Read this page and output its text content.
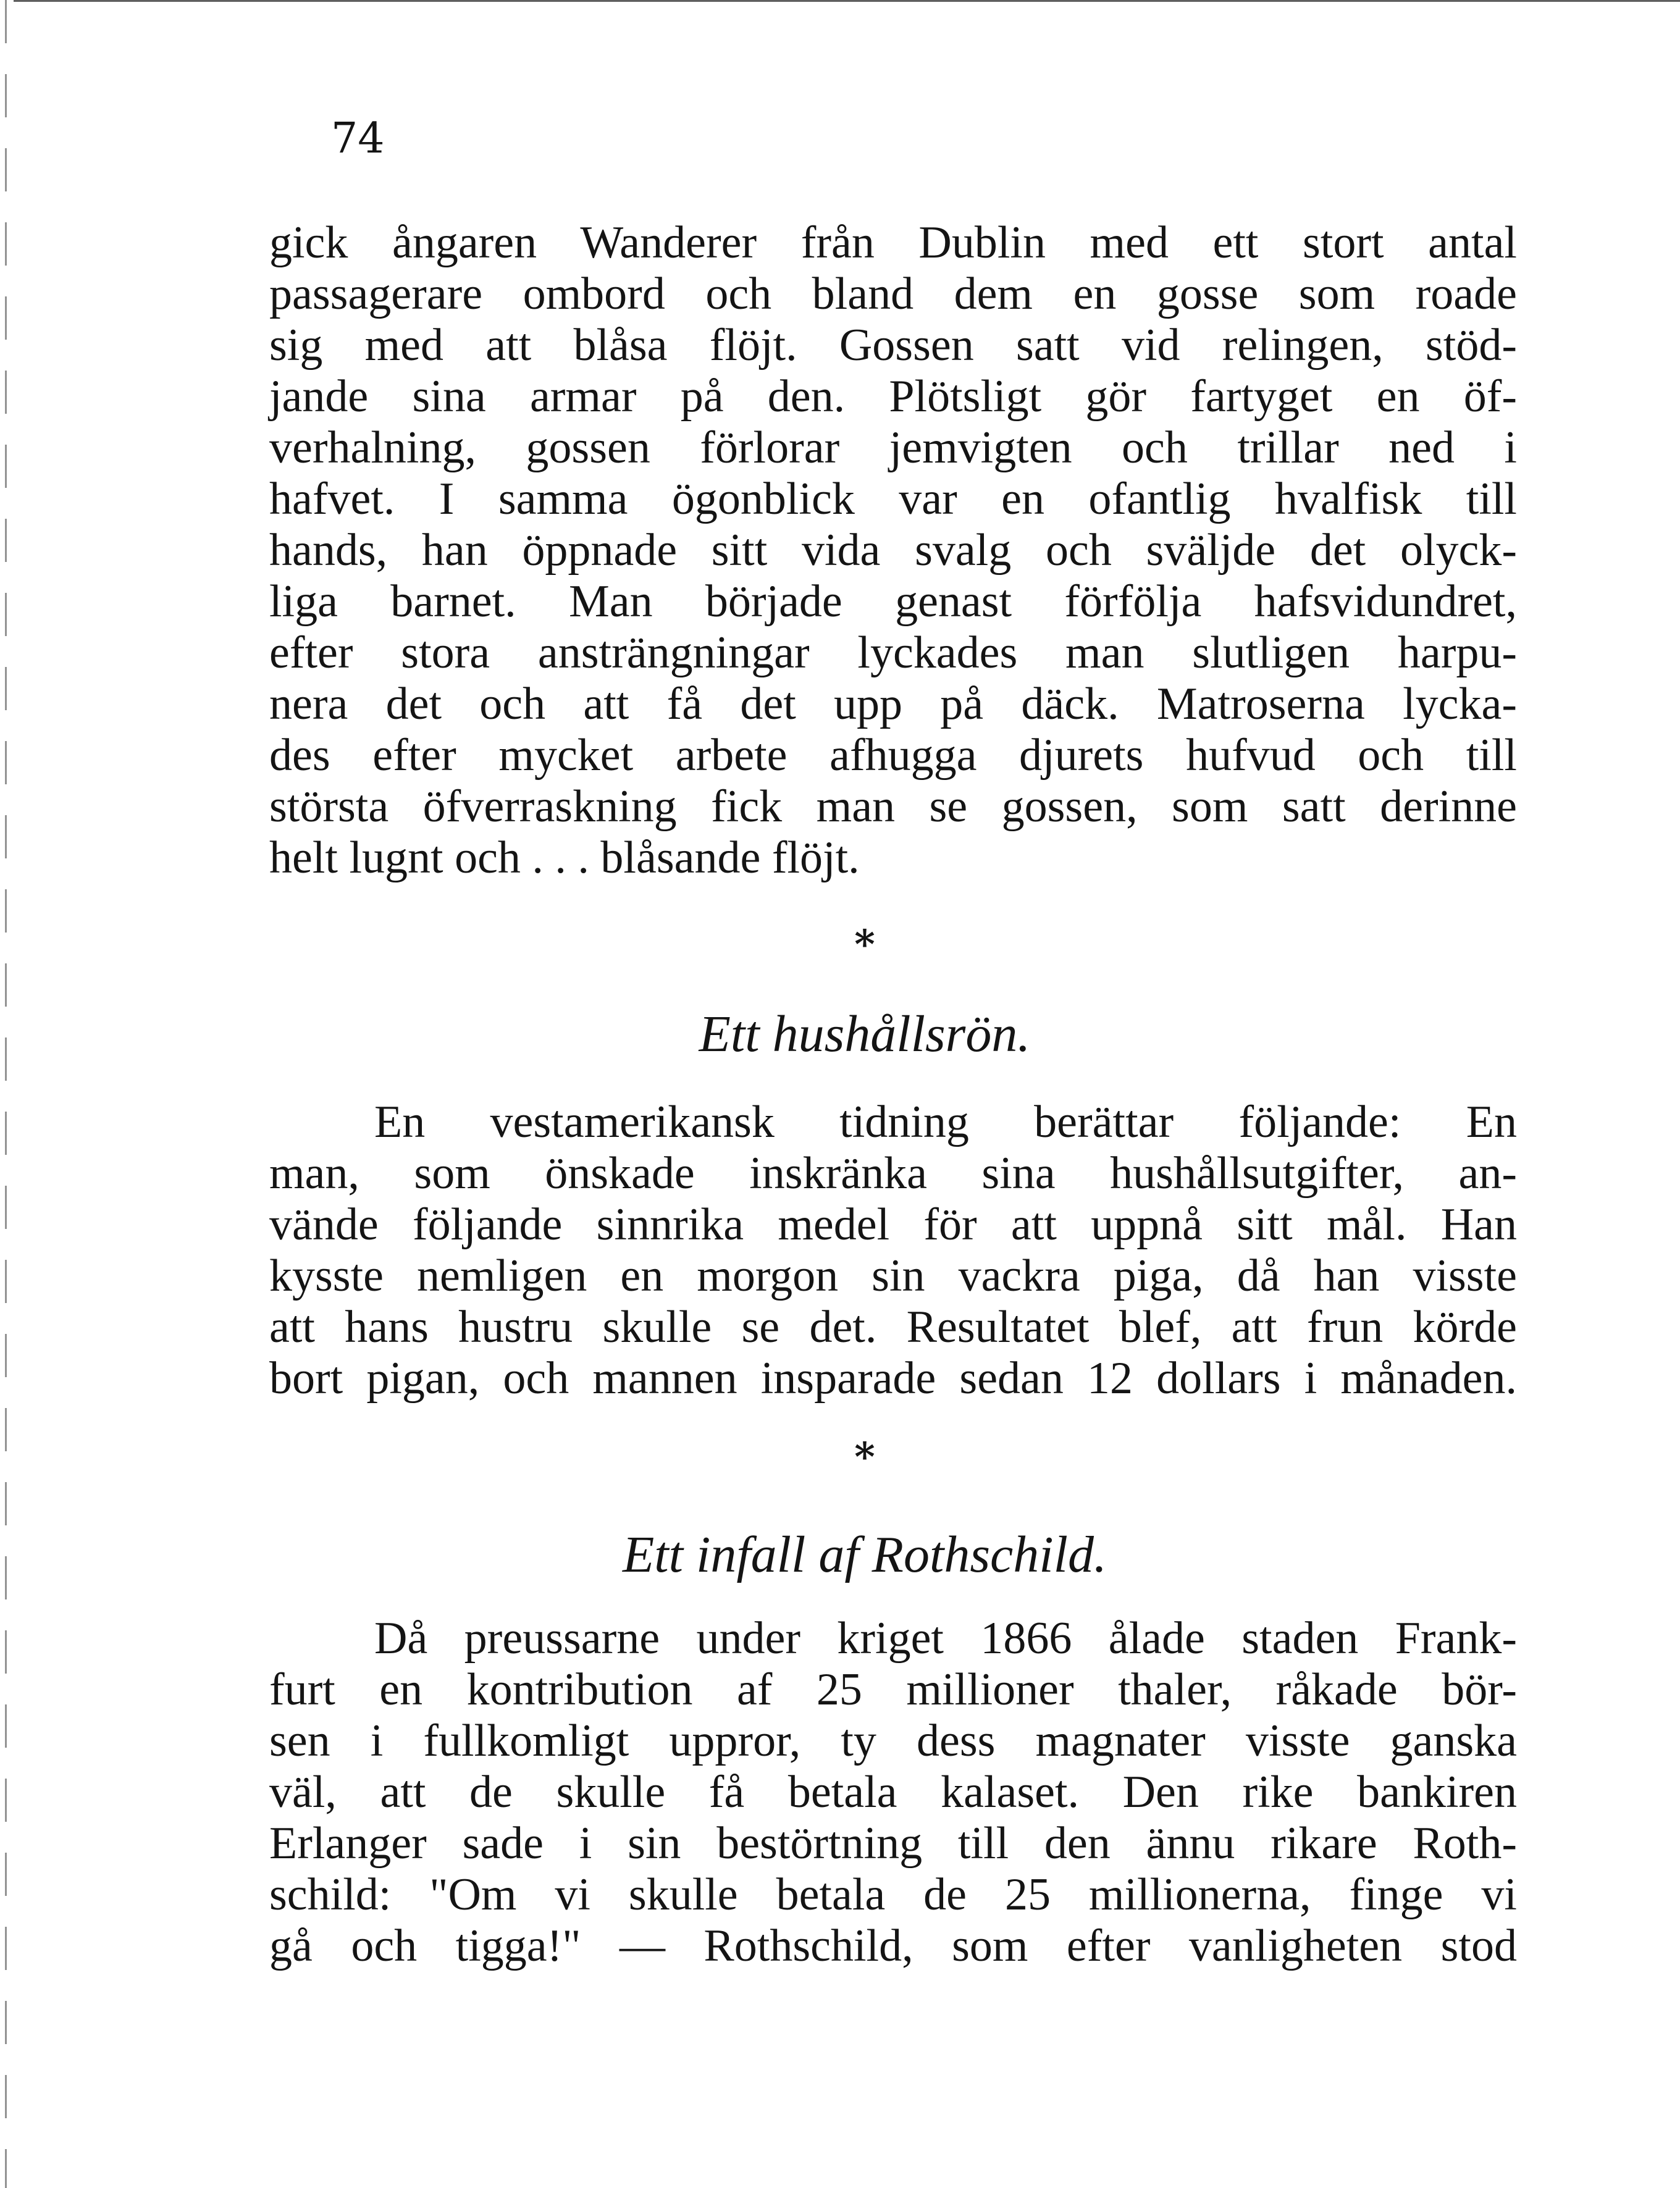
74
gick ångaren Wanderer från Dublin med ett stort antal
passagerare ombord och bland dem en gosse som roade
sig med att blåsa flöjt. Gossen satt vid relingen, stöd-
jande sina armar på den. Plötsligt gör fartyget en öf-
verhalning, gossen förlorar jemvigten och trillar ned i
hafvet. I samma ögonblick var en ofantlig hvalfisk till
hands, han öppnade sitt vida svalg och sväljde det olyck-
liga barnet. Man började genast förfölja hafsvidundret,
efter stora ansträngningar lyckades man slutligen harpu-
nera det och att få det upp på däck. Matroserna lycka-
des efter mycket arbete afhugga djurets hufvud och till
största öfverraskning fick man se gossen, som satt derinne
helt lugnt och . . . blåsande flöjt.
*
Ett hushållsrön.
En vestamerikansk tidning berättar följande: En
man, som önskade inskränka sina hushållsutgifter, an-
vände följande sinnrika medel för att uppnå sitt mål. Han
kysste nemligen en morgon sin vackra piga, då han visste
att hans hustru skulle se det. Resultatet blef, att frun körde
bort pigan, och mannen insparade sedan 12 dollars i månaden.
*
Ett infall af Rothschild.
Då preussarne under kriget 1866 ålade staden Frank-
furt en kontribution af 25 millioner thaler, råkade bör-
sen i fullkomligt uppror, ty dess magnater visste ganska
väl, att de skulle få betala kalaset. Den rike bankiren
Erlanger sade i sin bestörtning till den ännu rikare Roth-
schild: "Om vi skulle betala de 25 millionerna, finge vi
gå och tigga!" — Rothschild, som efter vanligheten stod
